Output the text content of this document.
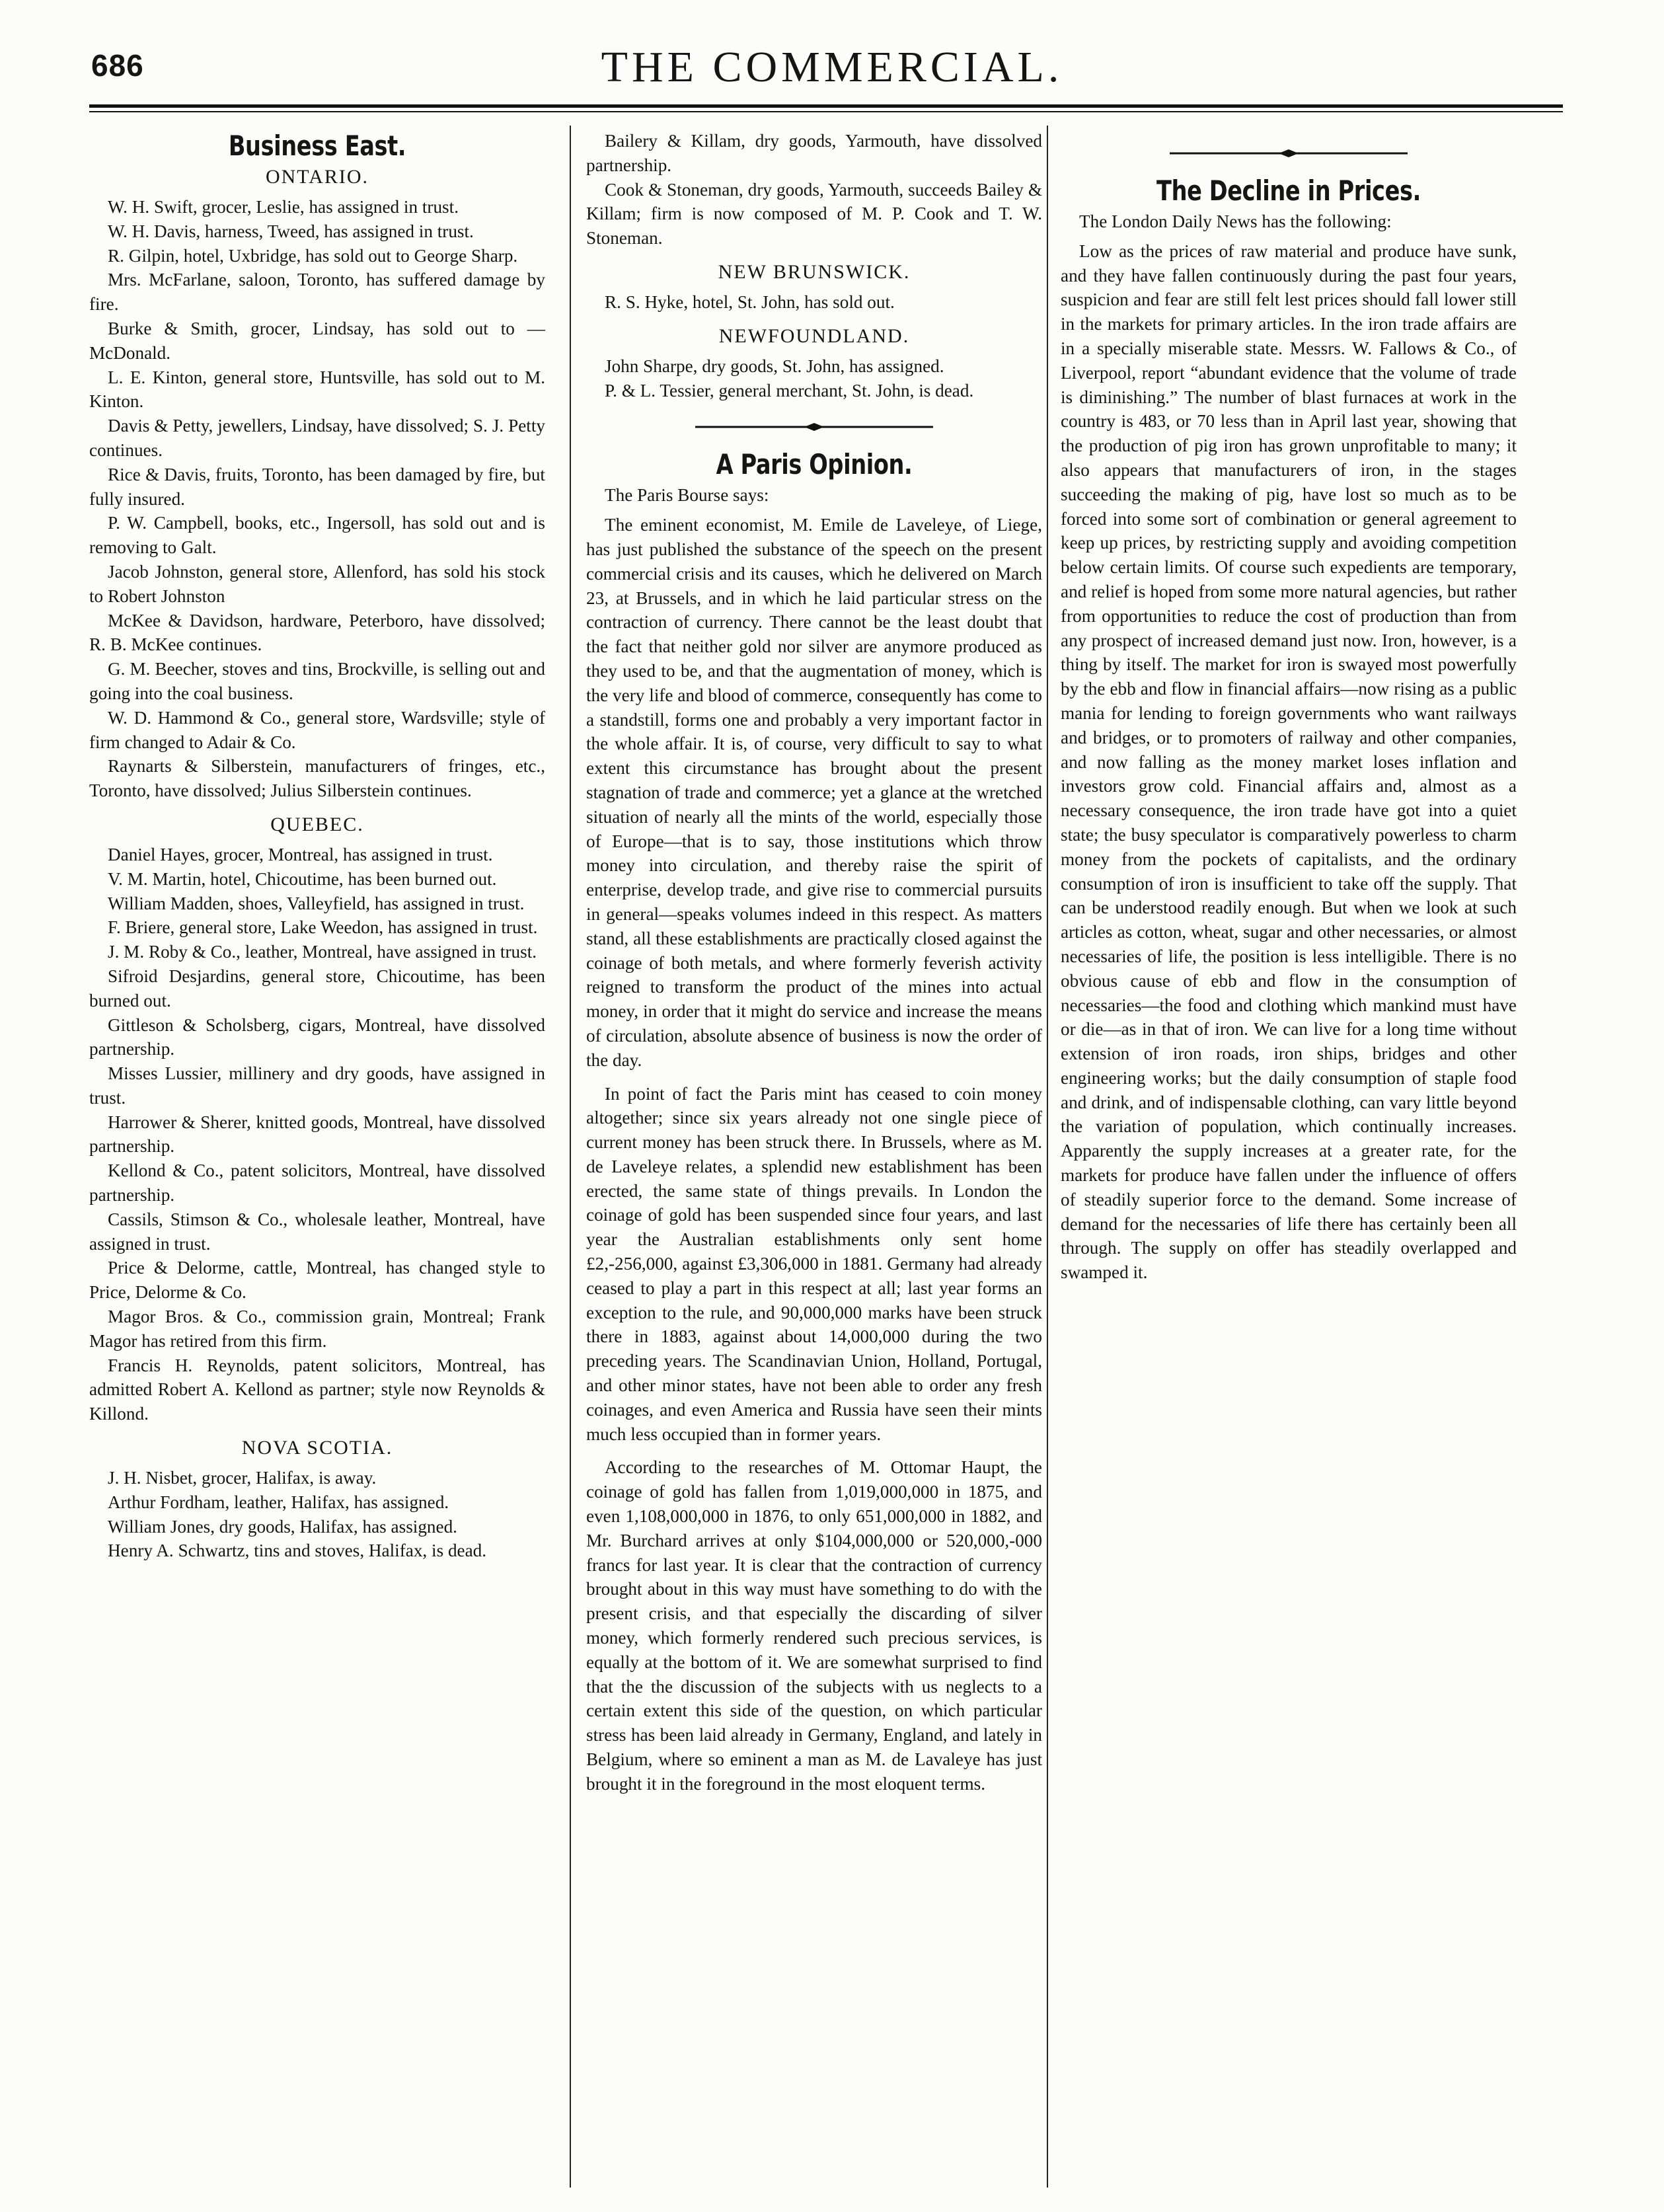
686	THE COMMERCIAL.
Business East.
ONTARIO.

W. H. Swift, grocer, Leslie, has assigned in trust.

W. H. Davis, harness, Tweed, has assigned in trust.

R. Gilpin, hotel, Uxbridge, has sold out to George Sharp.

Mrs. McFarlane, saloon, Toronto, has suffered damage by fire.

Burke & Smith, grocer, Lindsay, has sold out to — McDonald.

L. E. Kinton, general store, Huntsville, has sold out to M. Kinton.

Davis & Petty, jewellers, Lindsay, have dissolved; S. J. Petty continues.

Rice & Davis, fruits, Toronto, has been damaged by fire, but fully insured.

P. W. Campbell, books, etc., Ingersoll, has sold out and is removing to Galt.

Jacob Johnston, general store, Allenford, has sold his stock to Robert Johnston

McKee & Davidson, hardware, Peterboro, have dissolved; R. B. McKee continues.

G. M. Beecher, stoves and tins, Brockville, is selling out and going into the coal business.

W. D. Hammond & Co., general store, Wardsville; style of firm changed to Adair & Co.

Raynarts & Silberstein, manufacturers of fringes, etc., Toronto, have dissolved; Julius Silberstein continues.

QUEBEC.

Daniel Hayes, grocer, Montreal, has assigned in trust.

V. M. Martin, hotel, Chicoutime, has been burned out.

William Madden, shoes, Valleyfield, has assigned in trust.

F. Briere, general store, Lake Weedon, has assigned in trust.

J. M. Roby & Co., leather, Montreal, have assigned in trust.

Sifroid Desjardins, general store, Chicoutime, has been burned out.

Gittleson & Scholsberg, cigars, Montreal, have dissolved partnership.

Misses Lussier, millinery and dry goods, have assigned in trust.

Harrower & Sherer, knitted goods, Montreal, have dissolved partnership.

Kellond & Co., patent solicitors, Montreal, have dissolved partnership.

Cassils, Stimson & Co., wholesale leather, Montreal, have assigned in trust.

Price & Delorme, cattle, Montreal, has changed style to Price, Delorme & Co.

Magor Bros. & Co., commission grain, Montreal; Frank Magor has retired from this firm.

Francis H. Reynolds, patent solicitors, Montreal, has admitted Robert A. Kellond as partner; style now Reynolds & Killond.

NOVA SCOTIA.

J. H. Nisbet, grocer, Halifax, is away.

Arthur Fordham, leather, Halifax, has assigned.

William Jones, dry goods, Halifax, has assigned.

Henry A. Schwartz, tins and stoves, Halifax, is dead.

Bailery & Killam, dry goods, Yarmouth, have dissolved partnership.

Cook & Stoneman, dry goods, Yarmouth, succeeds Bailey & Killam; firm is now composed of M. P. Cook and T. W. Stoneman.

NEW BRUNSWICK.

R. S. Hyke, hotel, St. John, has sold out.

NEWFOUNDLAND.

John Sharpe, dry goods, St. John, has assigned.

P. & L. Tessier, general merchant, St. John, is dead.

A Paris Opinion.

The Paris Bourse says:

The eminent economist, M. Emile de Laveleye, of Liege, has just published the substance of the speech on the present commercial crisis and its causes, which he delivered on March 23, at Brussels, and in which he laid particular stress on the contraction of currency. There cannot be the least doubt that the fact that neither gold nor silver are anymore produced as they used to be, and that the augmentation of money, which is the very life and blood of commerce, consequently has come to a standstill, forms one and probably a very important factor in the whole affair. It is, of course, very difficult to say to what extent this circumstance has brought about the present stagnation of trade and commerce; yet a glance at the wretched situation of nearly all the mints of the world, especially those of Europe—that is to say, those institutions which throw money into circulation, and thereby raise the spirit of enterprise, develop trade, and give rise to commercial pursuits in general—speaks volumes indeed in this respect. As matters stand, all these establishments are practically closed against the coinage of both metals, and where formerly feverish activity reigned to transform the product of the mines into actual money, in order that it might do service and increase the means of circulation, absolute absence of business is now the order of the day.

In point of fact the Paris mint has ceased to coin money altogether; since six years already not one single piece of current money has been struck there. In Brussels, where as M. de Laveleye relates, a splendid new establishment has been erected, the same state of things prevails. In London the coinage of gold has been suspended since four years, and last year the Australian establishments only sent home £2,-256,000, against £3,306,000 in 1881. Germany had already ceased to play a part in this respect at all; last year forms an exception to the rule, and 90,000,000 marks have been struck there in 1883, against about 14,000,000 during the two preceding years. The Scandinavian Union, Holland, Portugal, and other minor states, have not been able to order any fresh coinages, and even America and Russia have seen their mints much less occupied than in former years.

According to the researches of M. Ottomar Haupt, the coinage of gold has fallen from 1,019,000,000 in 1875, and even 1,108,000,000 in 1876, to only 651,000,000 in 1882, and Mr. Burchard arrives at only $104,000,000 or 520,000,-000 francs for last year. It is clear that the contraction of currency brought about in this way must have something to do with the present crisis, and that especially the discarding of silver money, which formerly rendered such precious services, is equally at the bottom of it. We are somewhat surprised to find that the the discussion of the subjects with us neglects to a certain extent this side of the question, on which particular stress has been laid already in Germany, England, and lately in Belgium, where so eminent a man as M. de Lavaleye has just brought it in the foreground in the most eloquent terms.

The Decline in Prices.

The London Daily News has the following:

Low as the prices of raw material and produce have sunk, and they have fallen continuously during the past four years, suspicion and fear are still felt lest prices should fall lower still in the markets for primary articles. In the iron trade affairs are in a specially miserable state. Messrs. W. Fallows & Co., of Liverpool, report “abundant evidence that the volume of trade is diminishing.” The number of blast furnaces at work in the country is 483, or 70 less than in April last year, showing that the production of pig iron has grown unprofitable to many; it also appears that manufacturers of iron, in the stages succeeding the making of pig, have lost so much as to be forced into some sort of combination or general agreement to keep up prices, by restricting supply and avoiding competition below certain limits. Of course such expedients are temporary, and relief is hoped from some more natural agencies, but rather from opportunities to reduce the cost of production than from any prospect of increased demand just now. Iron, however, is a thing by itself. The market for iron is swayed most powerfully by the ebb and flow in financial affairs—now rising as a public mania for lending to foreign governments who want railways and bridges, or to promoters of railway and other companies, and now falling as the money market loses inflation and investors grow cold. Financial affairs and, almost as a necessary consequence, the iron trade have got into a quiet state; the busy speculator is comparatively powerless to charm money from the pockets of capitalists, and the ordinary consumption of iron is insufficient to take off the supply. That can be understood readily enough. But when we look at such articles as cotton, wheat, sugar and other necessaries, or almost necessaries of life, the position is less intelligible. There is no obvious cause of ebb and flow in the consumption of necessaries—the food and clothing which mankind must have or die—as in that of iron. We can live for a long time without extension of iron roads, iron ships, bridges and other engineering works; but the daily consumption of staple food and drink, and of indispensable clothing, can vary little beyond the variation of population, which continually increases. Apparently the supply increases at a greater rate, for the markets for produce have fallen under the influence of offers of steadily superior force to the demand. Some increase of demand for the necessaries of life there has certainly been all through. The supply on offer has steadily overlapped and swamped it.
